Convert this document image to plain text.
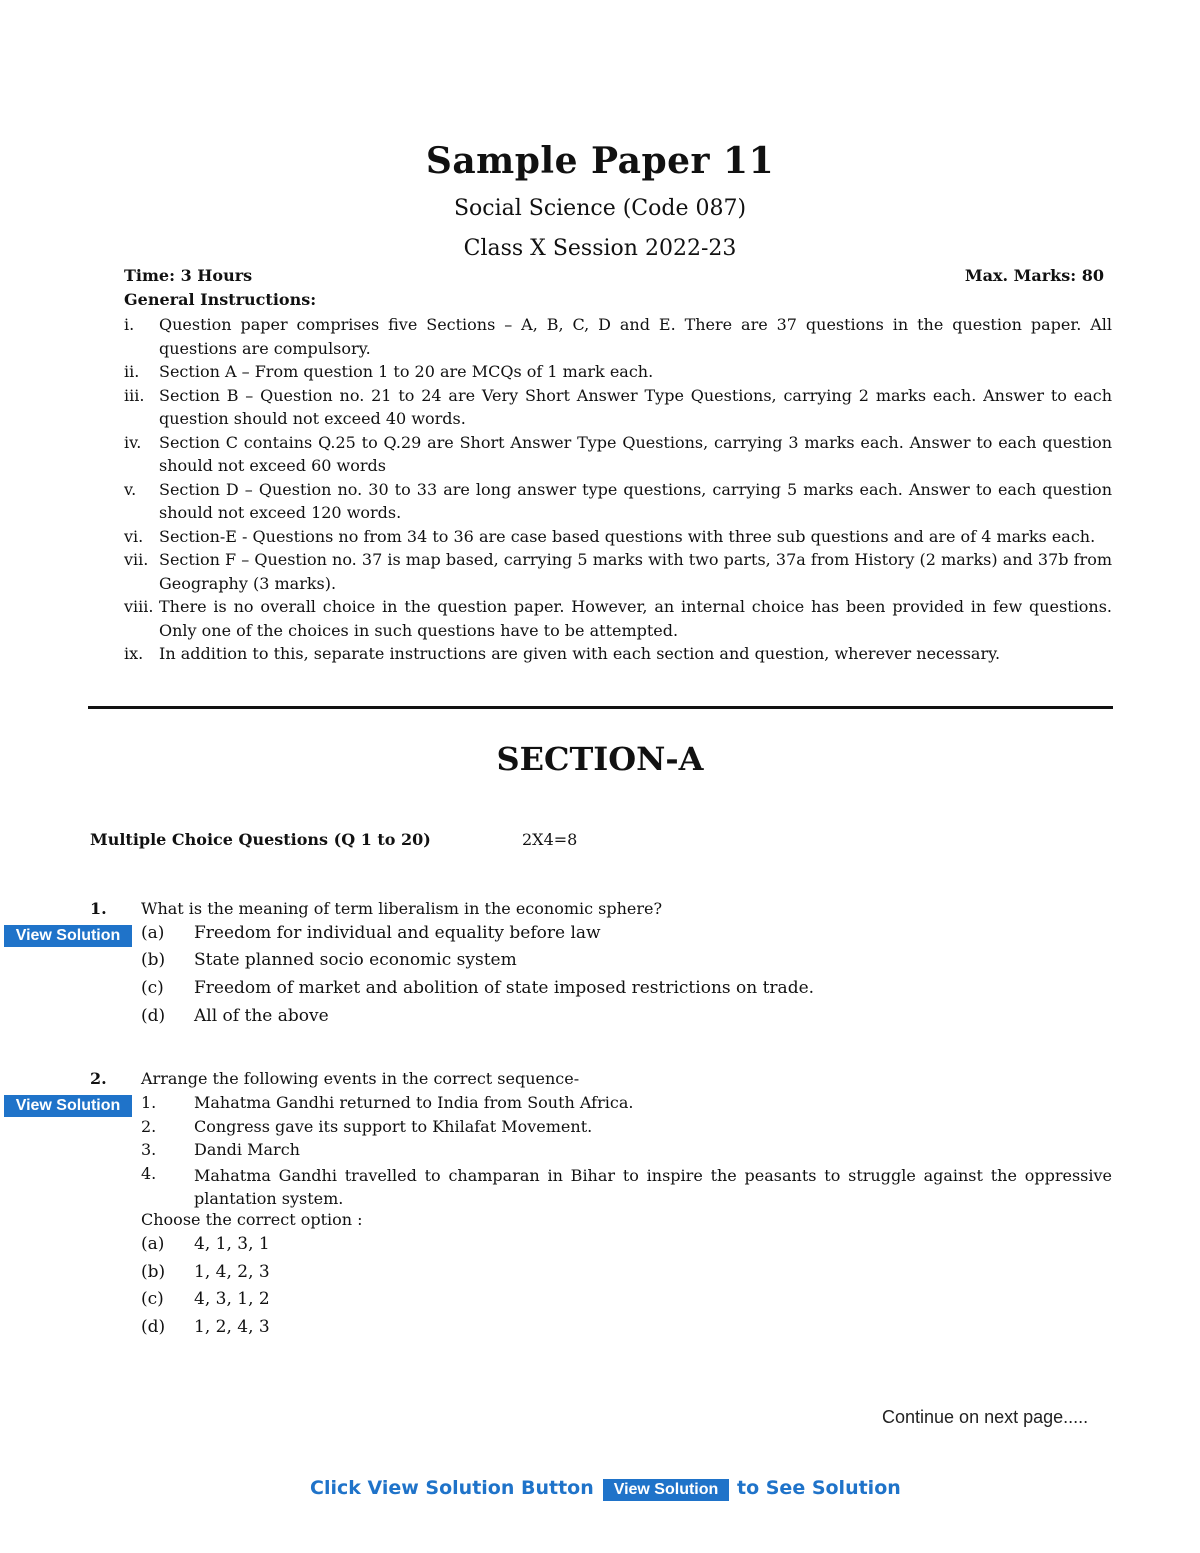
Sample Paper 11
Social Science (Code 087)
Class X Session 2022-23
Time: 3 Hours	Max. Marks: 80
General Instructions:
i. Question paper comprises five Sections – A, B, C, D and E. There are 37 questions in the question paper. All questions are compulsory.
ii. Section A – From question 1 to 20 are MCQs of 1 mark each.
iii. Section B – Question no. 21 to 24 are Very Short Answer Type Questions, carrying 2 marks each. Answer to each question should not exceed 40 words.
iv. Section C contains Q.25 to Q.29 are Short Answer Type Questions, carrying 3 marks each. Answer to each question should not exceed 60 words
v. Section D – Question no. 30 to 33 are long answer type questions, carrying 5 marks each. Answer to each question should not exceed 120 words.
vi. Section-E - Questions no from 34 to 36 are case based questions with three sub questions and are of 4 marks each.
vii. Section F – Question no. 37 is map based, carrying 5 marks with two parts, 37a from History (2 marks) and 37b from Geography (3 marks).
viii. There is no overall choice in the question paper. However, an internal choice has been provided in few questions. Only one of the choices in such questions have to be attempted.
ix. In addition to this, separate instructions are given with each section and question, wherever necessary.
SECTION-A
Multiple Choice Questions (Q 1 to 20)	2X4=8
1. What is the meaning of term liberalism in the economic sphere?
View Solution	(a) Freedom for individual and equality before law
(b) State planned socio economic system
(c) Freedom of market and abolition of state imposed restrictions on trade.
(d) All of the above
2. Arrange the following events in the correct sequence-
View Solution	1. Mahatma Gandhi returned to India from South Africa.
2. Congress gave its support to Khilafat Movement.
3. Dandi March
4. Mahatma Gandhi travelled to champaran in Bihar to inspire the peasants to struggle against the oppressive plantation system.
Choose the correct option :
(a) 4, 1, 3, 1
(b) 1, 4, 2, 3
(c) 4, 3, 1, 2
(d) 1, 2, 4, 3
Continue on next page.....
Click View Solution Button	View Solution to See Solution
